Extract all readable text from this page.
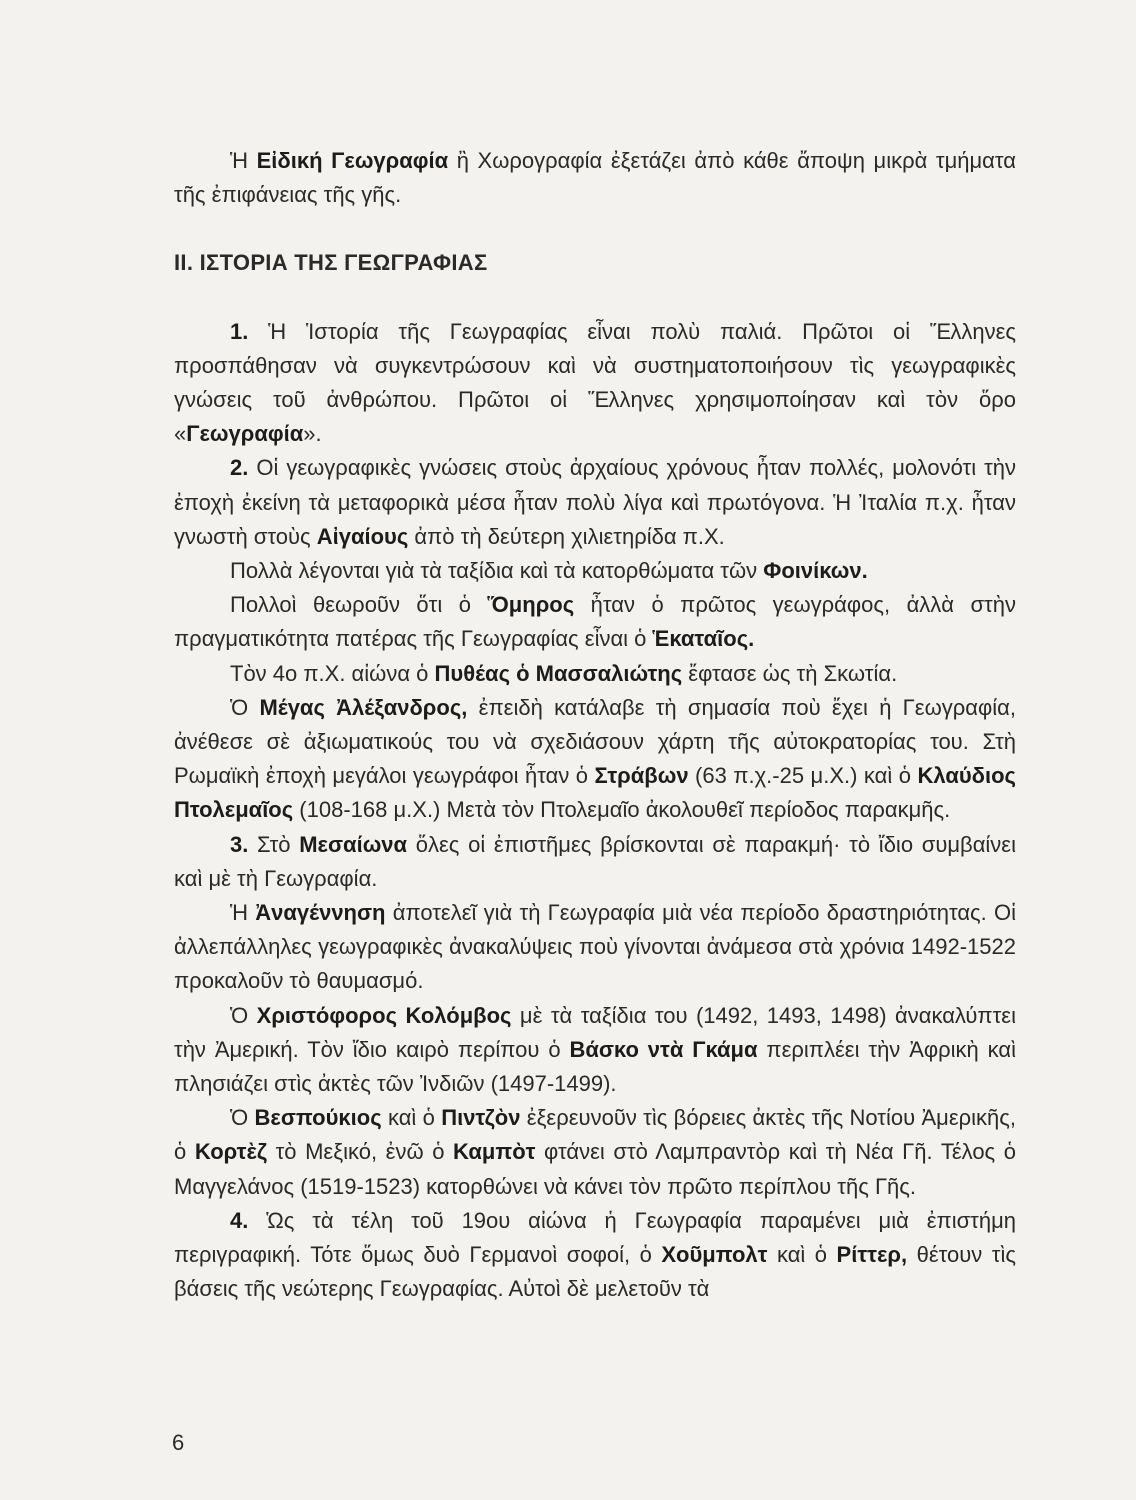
Ἡ Εἰδική Γεωγραφία ἢ Χωρογραφία ἐξετάζει ἀπὸ κάθε ἄποψη μικρὰ τμήματα τῆς ἐπιφάνειας τῆς γῆς.

II. ΙΣΤΟΡΙΑ ΤΗΣ ΓΕΩΓΡΑΦΙΑΣ

1. Ἡ Ἱστορία τῆς Γεωγραφίας εἶναι πολὺ παλιά. Πρῶτοι οἱ Ἕλληνες προσπάθησαν νὰ συγκεντρώσουν καὶ νὰ συστηματοποιήσουν τὶς γεωγραφικὲς γνώσεις τοῦ ἀνθρώπου. Πρῶτοι οἱ Ἕλληνες χρησιμοποίησαν καὶ τὸν ὅρο «Γεωγραφία».

2. Οἱ γεωγραφικὲς γνώσεις στοὺς ἀρχαίους χρόνους ἦταν πολλές, μολονότι τὴν ἐποχὴ ἐκείνη τὰ μεταφορικὰ μέσα ἦταν πολὺ λίγα καὶ πρωτόγονα. Ἡ Ἰταλία π.χ. ἦταν γνωστὴ στοὺς Αἰγαίους ἀπὸ τὴ δεύτερη χιλιετηρίδα π.Χ.

Πολλὰ λέγονται γιὰ τὰ ταξίδια καὶ τὰ κατορθώματα τῶν Φοινίκων.

Πολλοὶ θεωροῦν ὅτι ὁ Ὅμηρος ἦταν ὁ πρῶτος γεωγράφος, ἀλλὰ στὴν πραγματικότητα πατέρας τῆς Γεωγραφίας εἶναι ὁ Ἑκαταῖος.

Τὸν 4ο π.Χ. αἰώνα ὁ Πυθέας ὁ Μασσαλιώτης ἔφτασε ὡς τὴ Σκωτία.

Ὁ Μέγας Ἀλέξανδρος, ἐπειδὴ κατάλαβε τὴ σημασία ποὺ ἔχει ἡ Γεωγραφία, ἀνέθεσε σὲ ἀξιωματικούς του νὰ σχεδιάσουν χάρτη τῆς αὐτοκρατορίας του. Στὴ Ρωμαϊκὴ ἐποχὴ μεγάλοι γεωγράφοι ἦταν ὁ Στράβων (63 π.χ.-25 μ.Χ.) καὶ ὁ Κλαύδιος Πτολεμαῖος (108-168 μ.Χ.) Μετὰ τὸν Πτολεμαῖο ἀκολουθεῖ περίοδος παρακμῆς.

3. Στὸ Μεσαίωνα ὅλες οἱ ἐπιστῆμες βρίσκονται σὲ παρακμή· τὸ ἴδιο συμβαίνει καὶ μὲ τὴ Γεωγραφία.

Ἡ Ἀναγέννηση ἀποτελεῖ γιὰ τὴ Γεωγραφία μιὰ νέα περίοδο δραστηριότητας. Οἱ ἀλλεπάλληλες γεωγραφικὲς ἀνακαλύψεις ποὺ γίνονται ἀνάμεσα στὰ χρόνια 1492-1522 προκαλοῦν τὸ θαυμασμό.

Ὁ Χριστόφορος Κολόμβος μὲ τὰ ταξίδια του (1492, 1493, 1498) ἀνακαλύπτει τὴν Ἀμερική. Τὸν ἴδιο καιρὸ περίπου ὁ Βάσκο ντὰ Γκάμα περιπλέει τὴν Ἀφρικὴ καὶ πλησιάζει στὶς ἀκτὲς τῶν Ἰνδιῶν (1497-1499).

Ὁ Βεσπούκιος καὶ ὁ Πιντζὸν ἐξερευνοῦν τὶς βόρειες ἀκτὲς τῆς Νοτίου Ἀμερικῆς, ὁ Κορτὲζ τὸ Μεξικό, ἐνῶ ὁ Καμπὸτ φτάνει στὸ Λαμπραντὸρ καὶ τὴ Νέα Γῆ. Τέλος ὁ Μαγγελάνος (1519-1523) κατορθώνει νὰ κάνει τὸν πρῶτο περίπλου τῆς Γῆς.

4. Ὡς τὰ τέλη τοῦ 19ου αἰώνα ἡ Γεωγραφία παραμένει μιὰ ἐπιστήμη περιγραφική. Τότε ὅμως δυὸ Γερμανοὶ σοφοί, ὁ Χοῦμπολτ καὶ ὁ Ρίττερ, θέτουν τὶς βάσεις τῆς νεώτερης Γεωγραφίας. Αὐτοὶ δὲ μελετοῦν τὰ

6
